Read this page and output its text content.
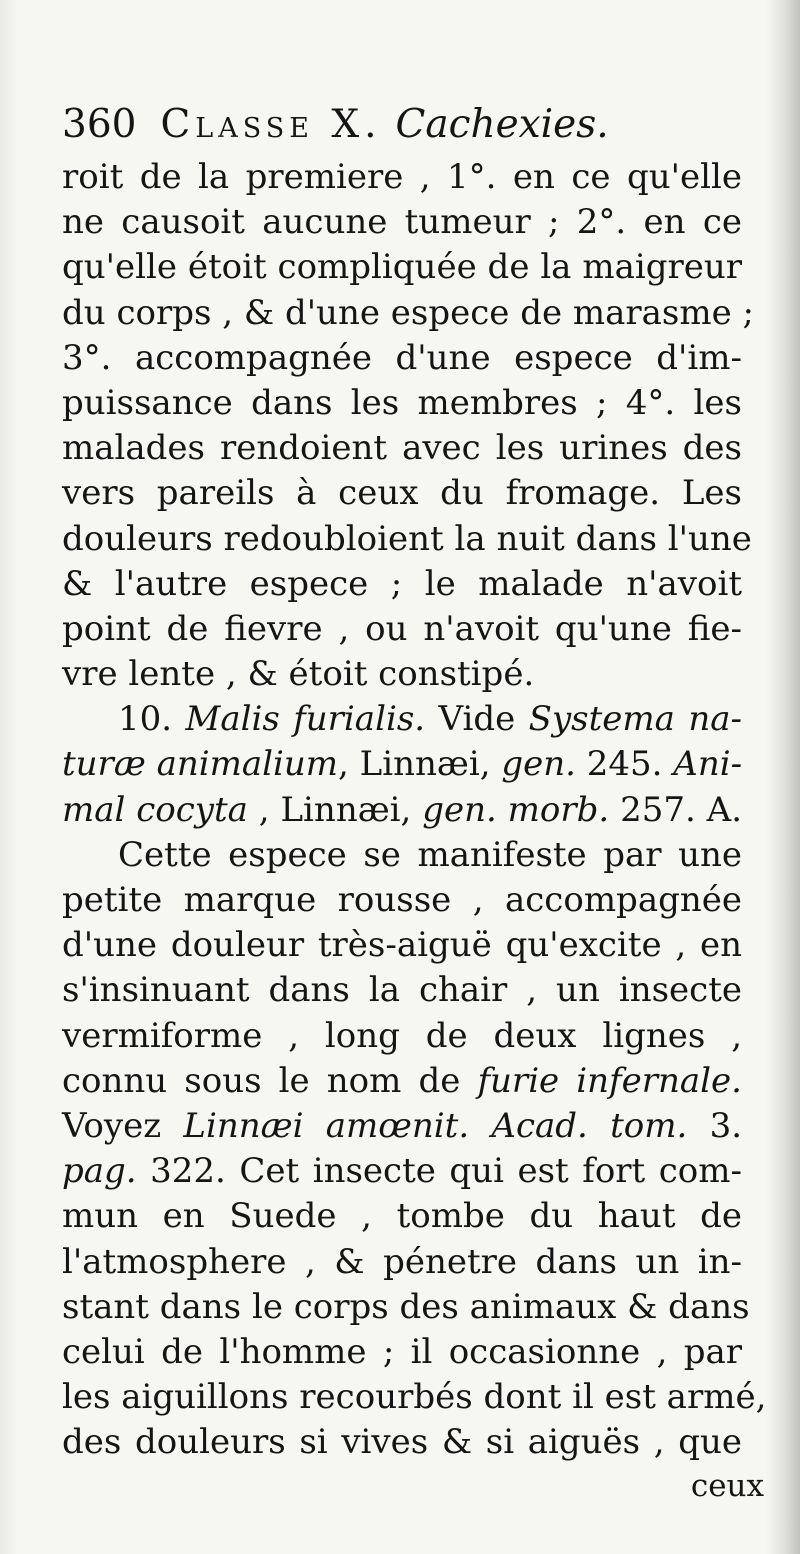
360 Classe X. Cachexies.
roit de la premiere , 1°. en ce qu'elle
ne causoit aucune tumeur ; 2°. en ce
qu'elle étoit compliquée de la maigreur
du corps , & d'une espece de marasme ;
3°. accompagnée d'une espece d'im-
puissance dans les membres ; 4°. les
malades rendoient avec les urines des
vers pareils à ceux du fromage. Les
douleurs redoubloient la nuit dans l'une
& l'autre espece ; le malade n'avoit
point de fievre , ou n'avoit qu'une fie-
vre lente , & étoit constipé.
10. Malis furialis. Vide Systema na-
turæ animalium, Linnæi, gen. 245. Ani-
mal cocyta , Linnæi, gen. morb. 257. A.
Cette espece se manifeste par une
petite marque rousse , accompagnée
d'une douleur très-aiguë qu'excite , en
s'insinuant dans la chair , un insecte
vermiforme , long de deux lignes ,
connu sous le nom de furie infernale.
Voyez Linnæi amœnit. Acad. tom. 3.
pag. 322. Cet insecte qui est fort com-
mun en Suede , tombe du haut de
l'atmosphere , & pénetre dans un in-
stant dans le corps des animaux & dans
celui de l'homme ; il occasionne , par
les aiguillons recourbés dont il est armé,
des douleurs si vives & si aiguës , que
ceux
